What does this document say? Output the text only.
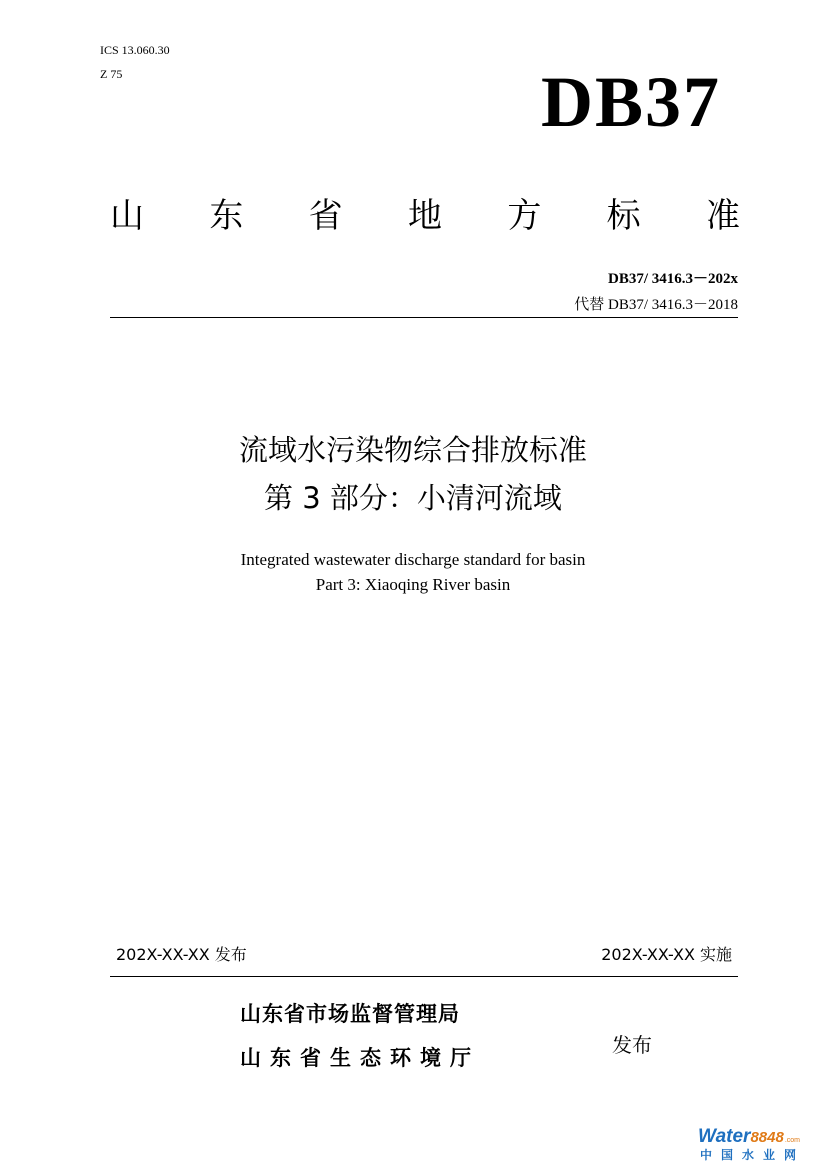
ICS 13.060.30
Z 75	DB37
山 东 省 地 方 标 准
DB37/ 3416.3－202x
代替 DB37/ 3416.3－2018
流域水污染物综合排放标准
第 3 部分：小清河流域
Integrated wastewater discharge standard for basin
Part 3: Xiaoqing River basin
202X-XX-XX 发布	202X-XX-XX 实施
山东省市场监督管理局
山东省生态环境厅
发布
Water 8848 .com
中国水业网
